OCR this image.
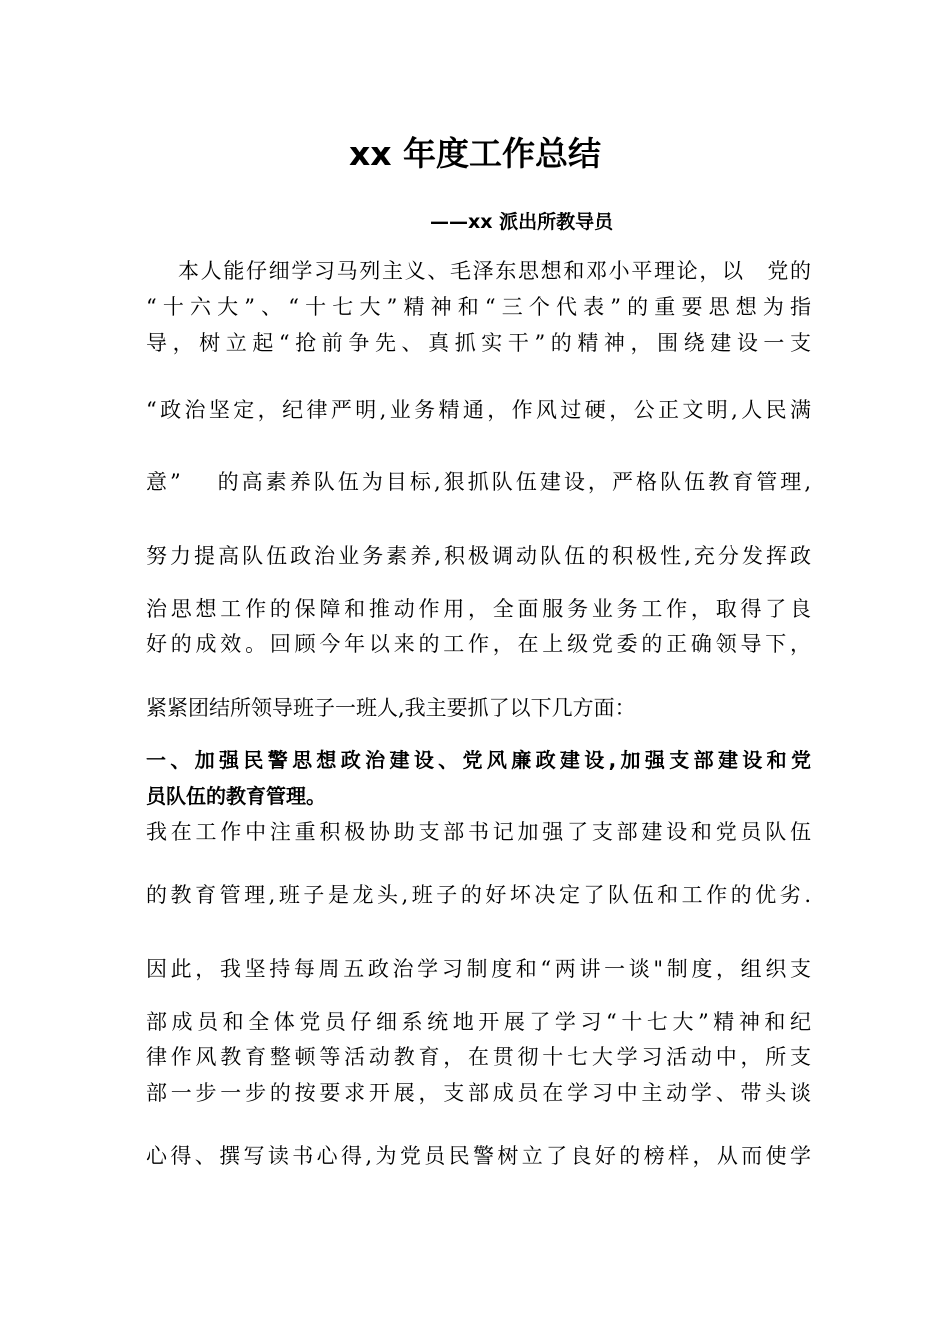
xx 年度工作总结
——xx 派出所教导员
本人能仔细学习马列主义、毛泽东思想和邓小平理论，以　党的
“十六大”、“十七大”精神和“三个代表”的重要思想为指
导，树立起“抢前争先、真抓实干”的精神，围绕建设一支
“政治坚定，纪律严明,业务精通，作风过硬，公正文明,人民满
意”　 的高素养队伍为目标,狠抓队伍建设，严格队伍教育管理,
努力提高队伍政治业务素养,积极调动队伍的积极性,充分发挥政
治思想工作的保障和推动作用，全面服务业务工作，取得了良
好的成效。回顾今年以来的工作，在上级党委的正确领导下，
紧紧团结所领导班子一班人,我主要抓了以下几方面：
一、加强民警思想政治建设、党风廉政建设,加强支部建设和党
员队伍的教育管理。
我在工作中注重积极协助支部书记加强了支部建设和党员队伍
的教育管理,班子是龙头,班子的好坏决定了队伍和工作的优劣.
因此，我坚持每周五政治学习制度和“两讲一谈"制度，组织支
部成员和全体党员仔细系统地开展了学习“十七大”精神和纪
律作风教育整顿等活动教育，在贯彻十七大学习活动中，所支
部一步一步的按要求开展，支部成员在学习中主动学、带头谈
心得、撰写读书心得,为党员民警树立了良好的榜样，从而使学
